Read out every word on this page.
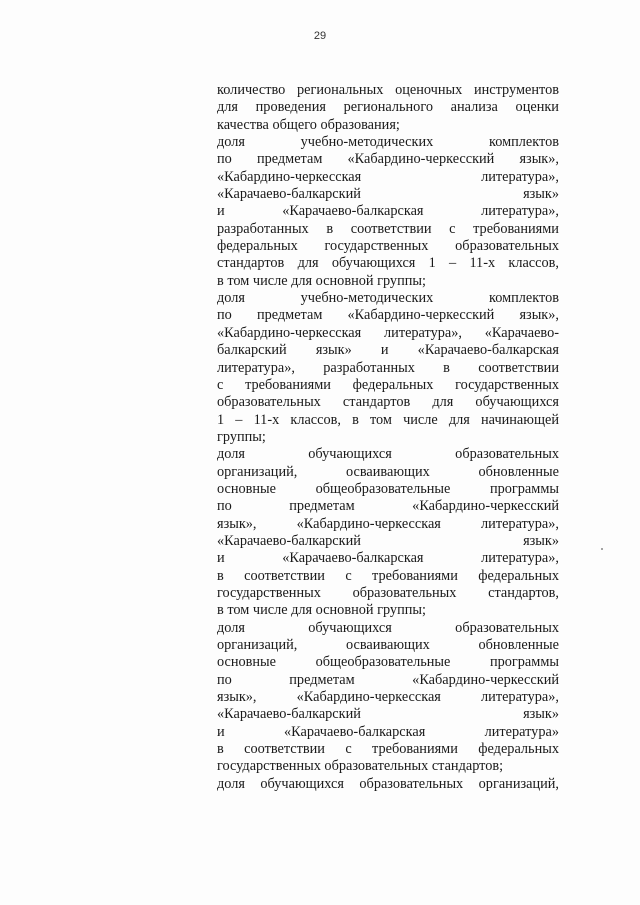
29
количество региональных оценочных инструментов
для проведения регионального анализа оценки
качества общего образования;
доля	учебно-методических	комплектов
по предметам «Кабардино-черкесский язык»,
«Кабардино-черкесская	литература»,
«Карачаево-балкарский	язык»
и	«Карачаево-балкарская	литература»,
разработанных в соответствии с требованиями
федеральных государственных образовательных
стандартов для обучающихся 1 – 11-х классов,
в том числе для основной группы;
доля	учебно-методических	комплектов
по предметам «Кабардино-черкесский язык»,
«Кабардино-черкесская литература», «Карачаево-
балкарский язык» и «Карачаево-балкарская
литература», разработанных в соответствии
с требованиями федеральных государственных
образовательных стандартов для обучающихся
1 – 11-х классов, в том числе для начинающей
группы;
доля	обучающихся	образовательных
организаций,	осваивающих	обновленные
основные	общеобразовательные	программы
по	предметам	«Кабардино-черкесский
язык»,	«Кабардино-черкесская	литература»,
«Карачаево-балкарский	язык»
и	«Карачаево-балкарская	литература»,
в соответствии с требованиями федеральных
государственных образовательных стандартов,
в том числе для основной группы;
доля	обучающихся	образовательных
организаций,	осваивающих	обновленные
основные	общеобразовательные	программы
по	предметам	«Кабардино-черкесский
язык»,	«Кабардино-черкесская	литература»,
«Карачаево-балкарский	язык»
и	«Карачаево-балкарская	литература»
в соответствии с требованиями федеральных
государственных образовательных стандартов;
доля обучающихся образовательных организаций,
